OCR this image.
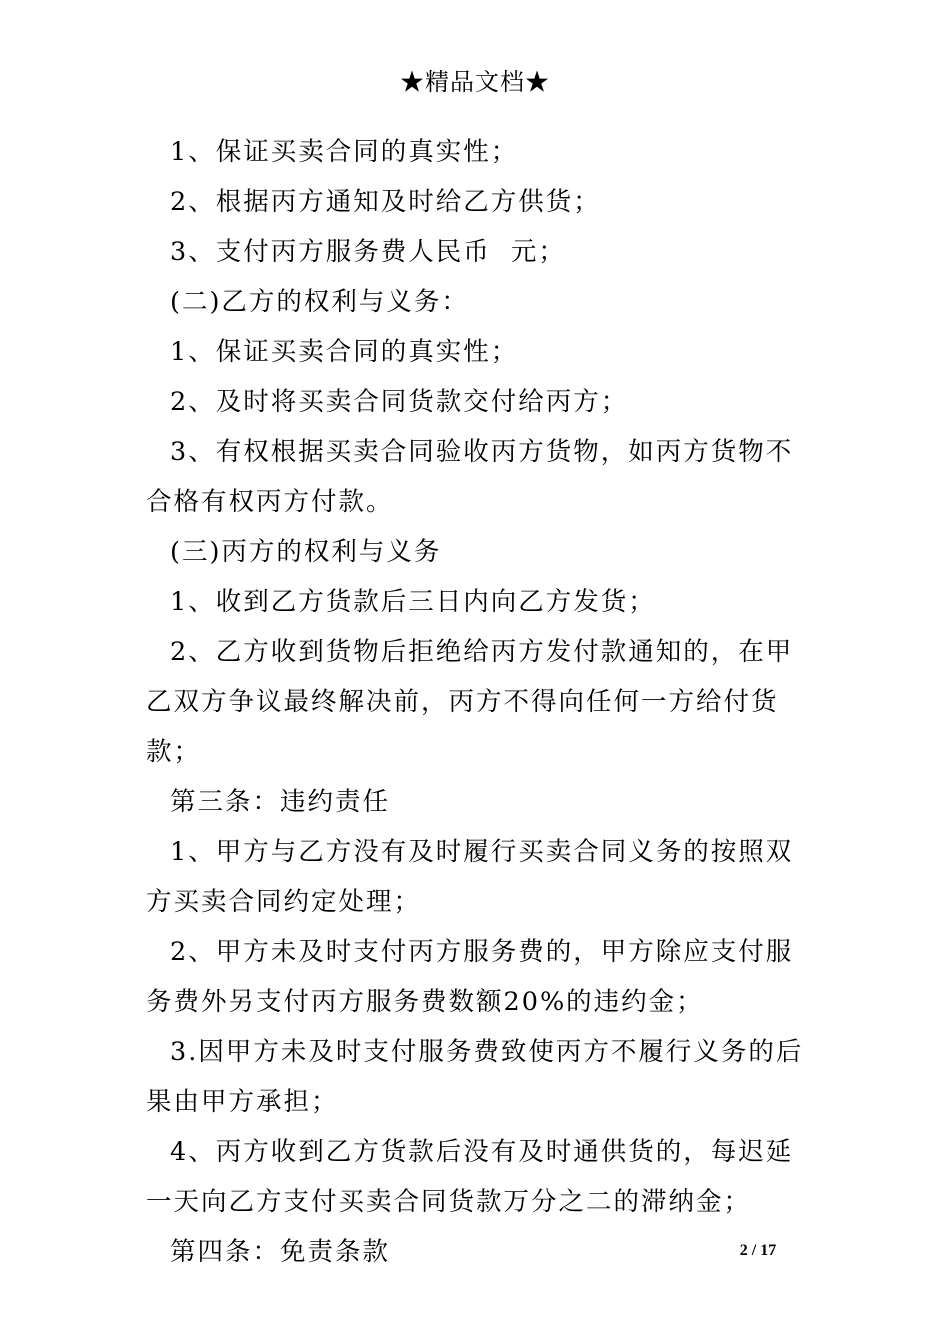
★精品文档★

1、保证买卖合同的真实性；

2、根据丙方通知及时给乙方供货；

3、支付丙方服务费人民币  元；

(二)乙方的权利与义务：

1、保证买卖合同的真实性；

2、及时将买卖合同货款交付给丙方；

3、有权根据买卖合同验收丙方货物，如丙方货物不合格有权丙方付款。

(三)丙方的权利与义务

1、收到乙方货款后三日内向乙方发货；

2、乙方收到货物后拒绝给丙方发付款通知的，在甲乙双方争议最终解决前，丙方不得向任何一方给付货款；

第三条：违约责任

1、甲方与乙方没有及时履行买卖合同义务的按照双方买卖合同约定处理；

2、甲方未及时支付丙方服务费的，甲方除应支付服务费外另支付丙方服务费数额20%的违约金；

3.因甲方未及时支付服务费致使丙方不履行义务的后果由甲方承担；

4、丙方收到乙方货款后没有及时通供货的，每迟延一天向乙方支付买卖合同货款万分之二的滞纳金；

第四条：免责条款	2 / 17
